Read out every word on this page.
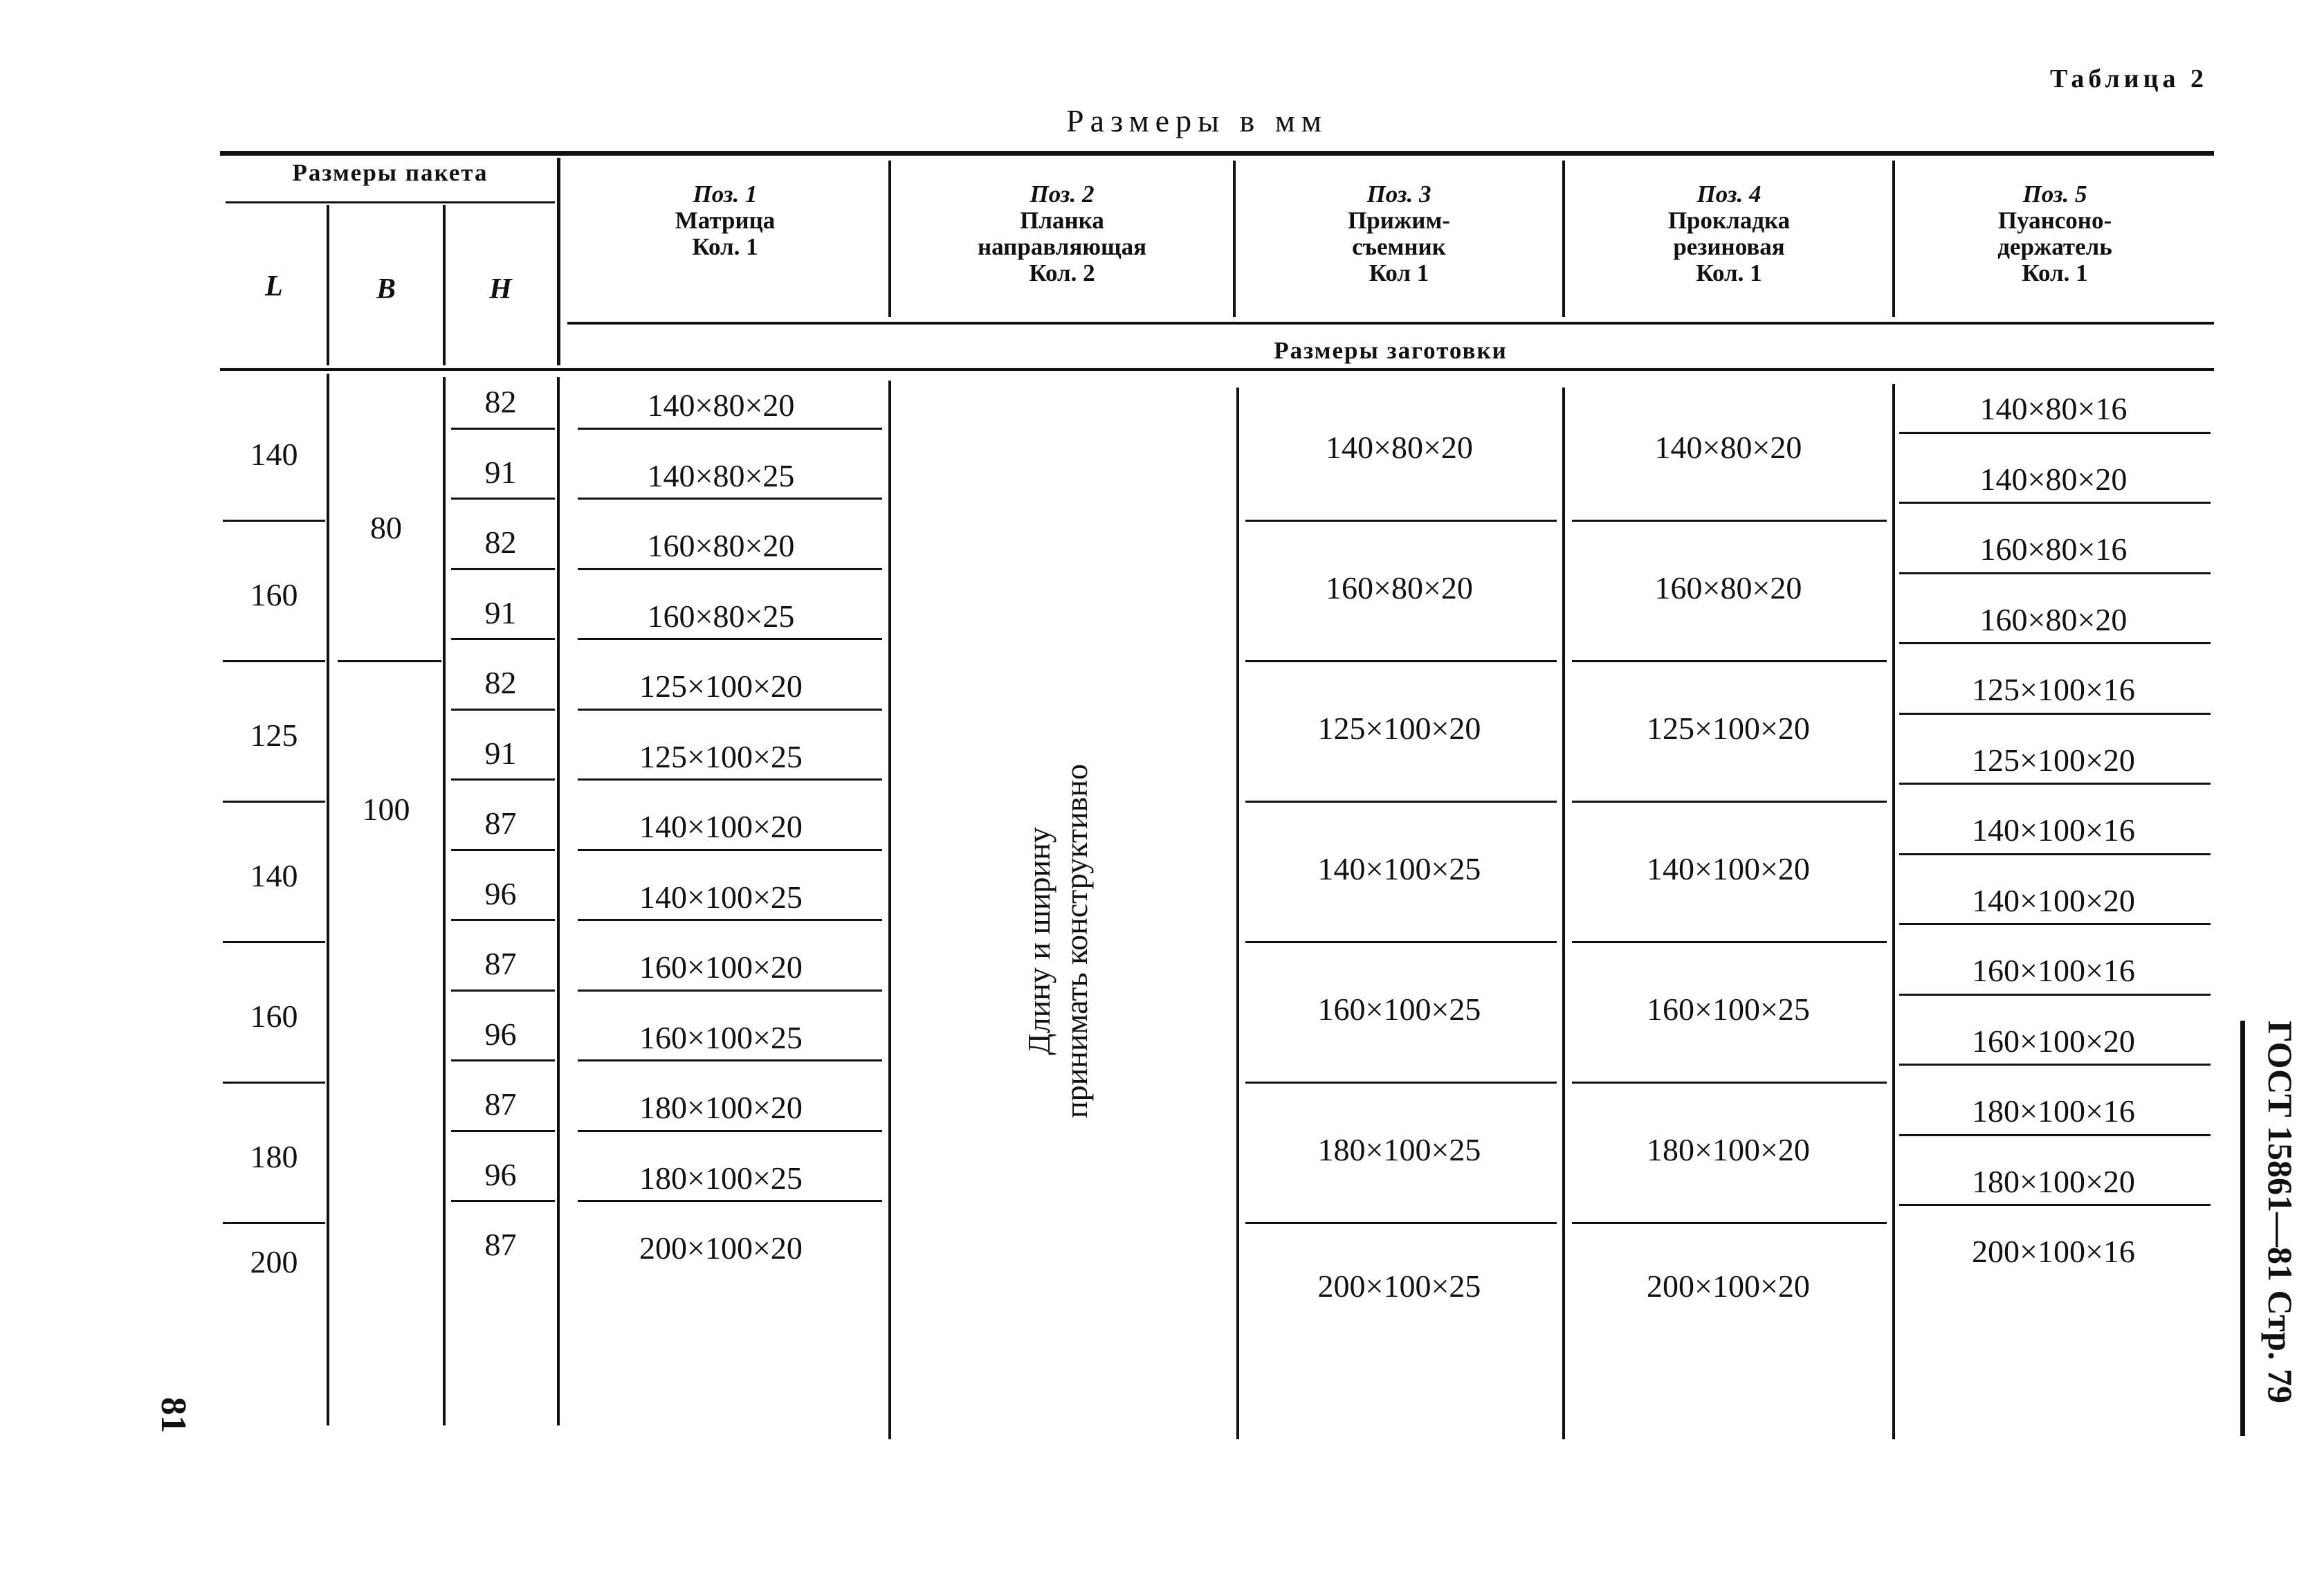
Таблица 2
Размеры в мм
Размеры пакета
L	B	H
Поз. 1
Матрица
Кол. 1
Поз. 2
Планка
направляющая
Кол. 2
Поз. 3
Прижим-
съемник
Кол 1
Поз. 4
Прокладка
резиновая
Кол. 1
Поз. 5
Пуансоно-
держатель
Кол. 1
Размеры заготовки
140
160
125
140
160
180
200
80
100
82
91
82
91
82
91
87
96
87
96
87
96
87
140×80×20
140×80×25
160×80×20
160×80×25
125×100×20
125×100×25
140×100×20
140×100×25
160×100×20
160×100×25
180×100×20
180×100×25
200×100×20
140×80×20
160×80×20
125×100×20
140×100×25
160×100×25
180×100×25
200×100×25
140×80×20
160×80×20
125×100×20
140×100×20
160×100×25
180×100×20
200×100×20
140×80×16
140×80×20
160×80×16
160×80×20
125×100×16
125×100×20
140×100×16
140×100×20
160×100×16
160×100×20
180×100×16
180×100×20
200×100×16
Длину и ширину принимать конструктивно
81
ГОСТ 15861—81 Стр. 79
